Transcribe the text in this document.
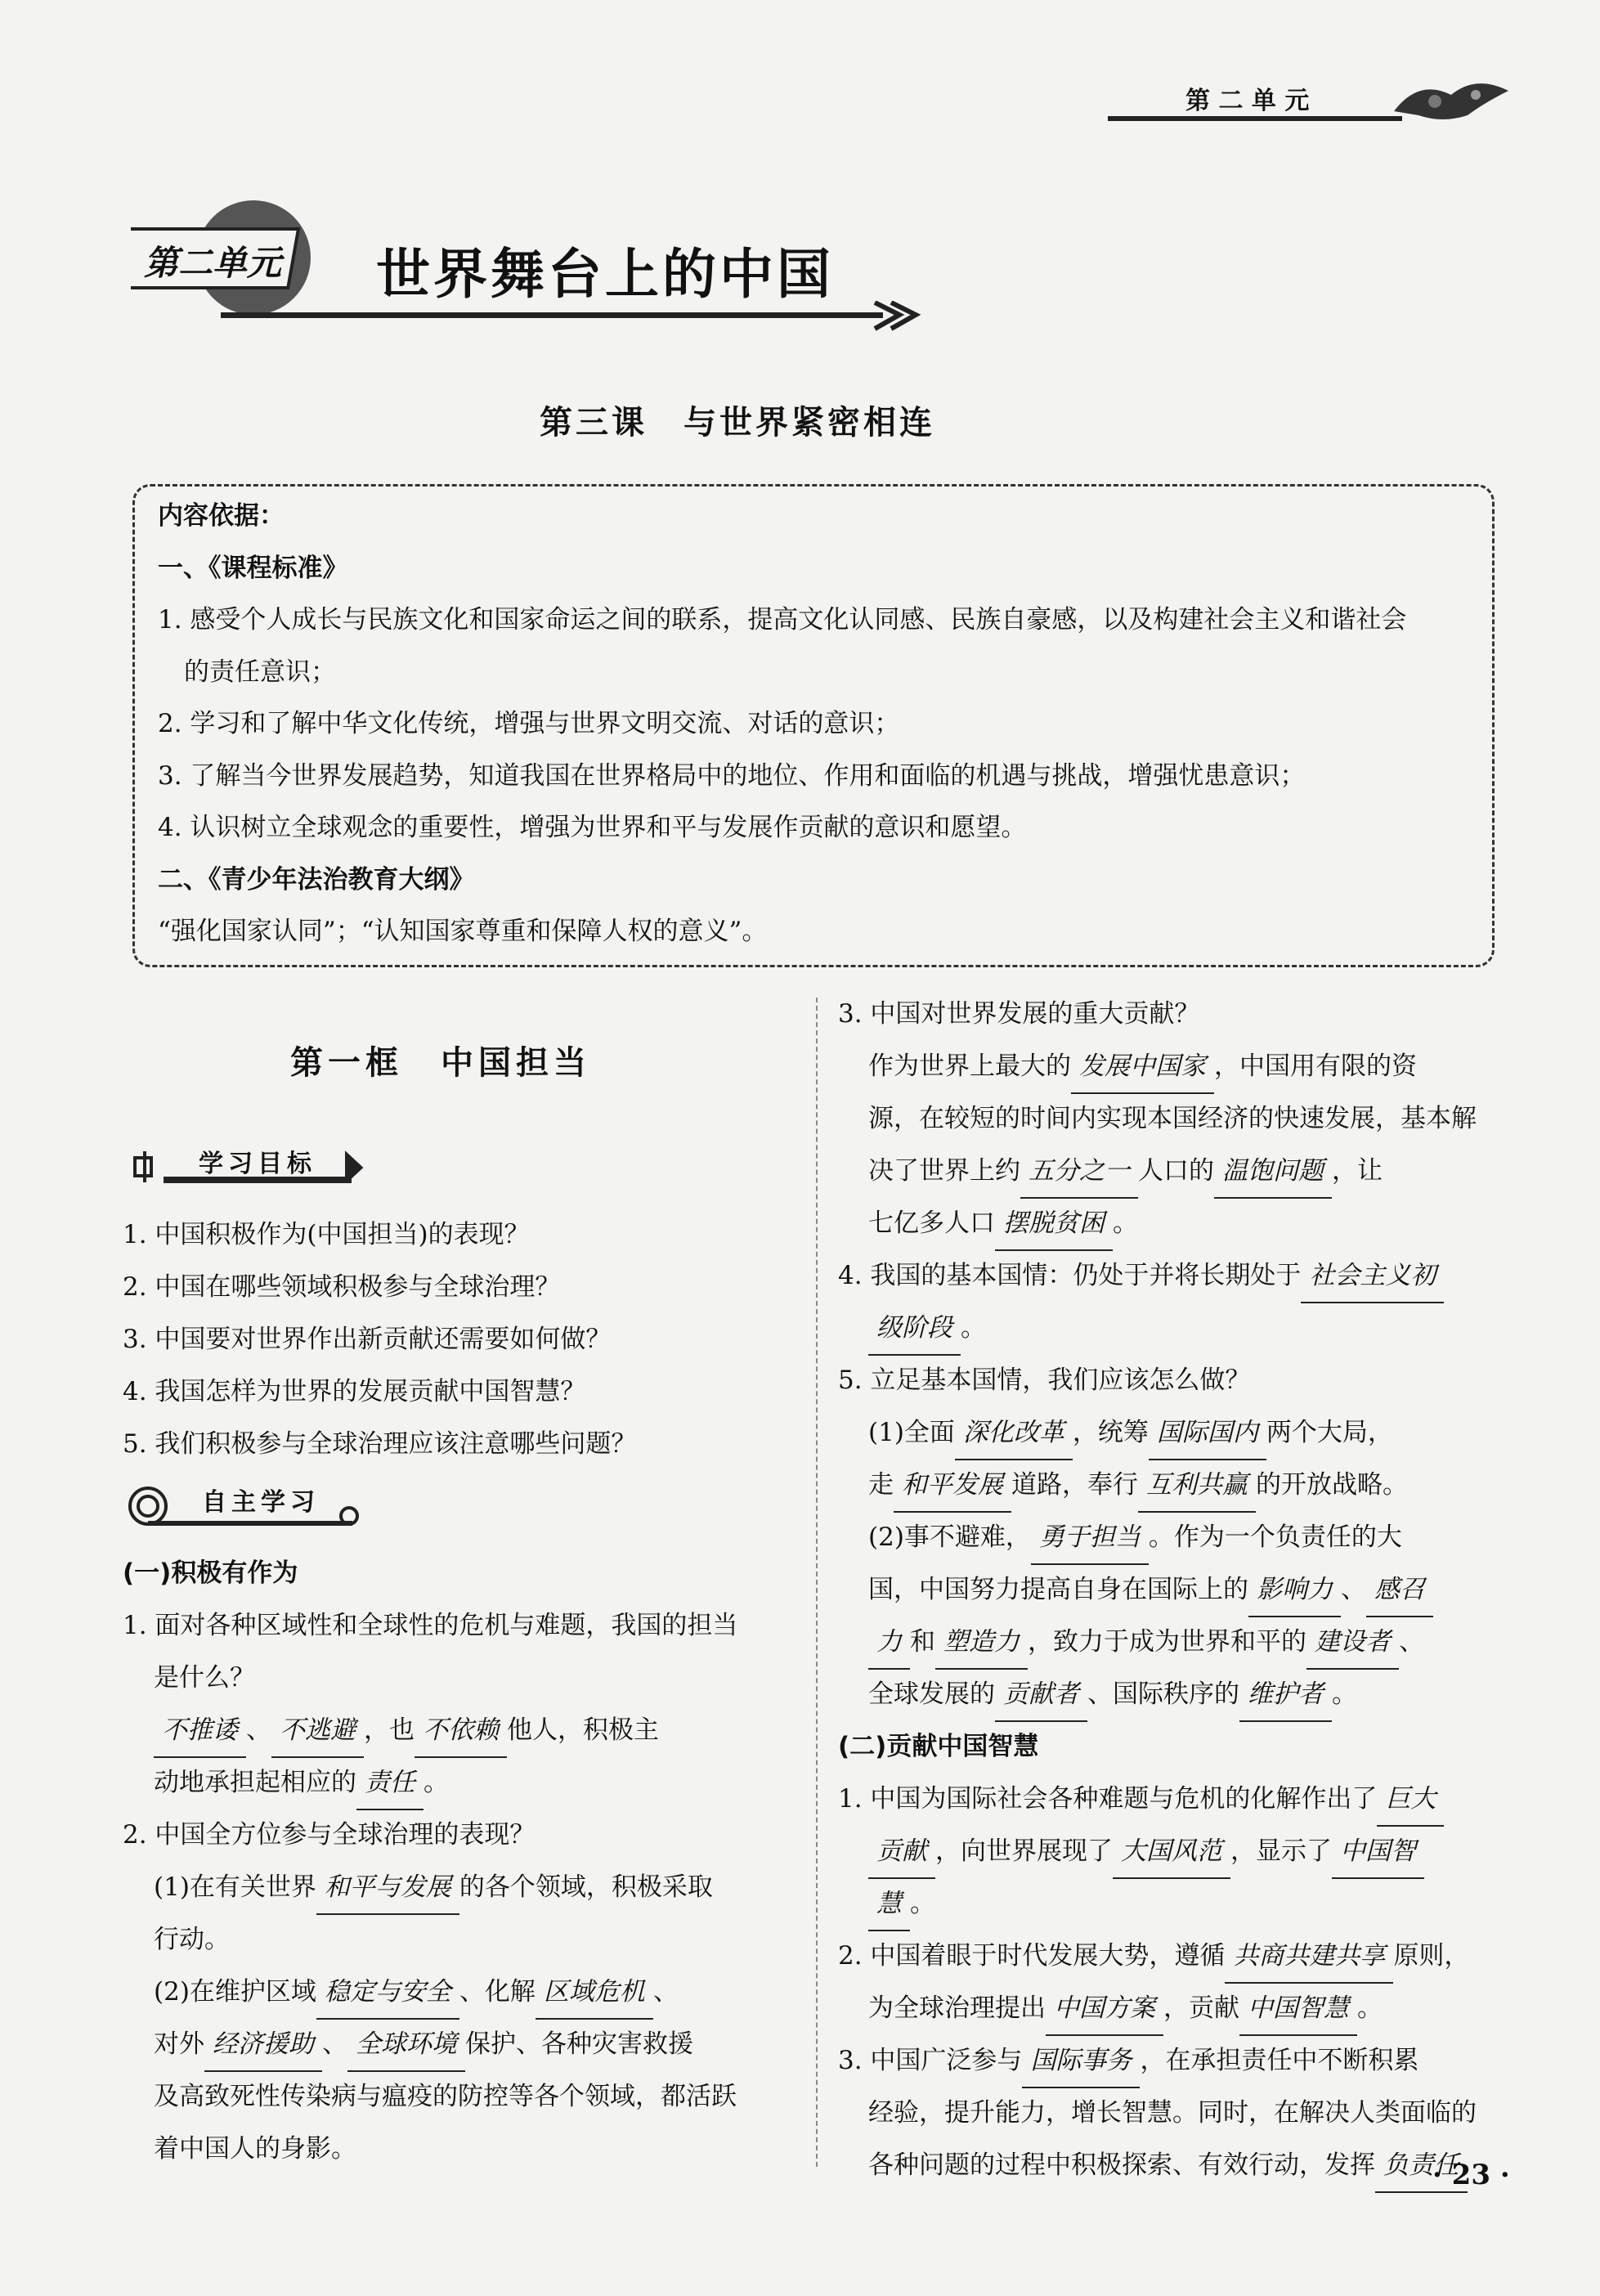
第 二 单 元
第二单元 世界舞台上的中国
第三课　与世界紧密相连
内容依据：
一、《课程标准》
1. 感受个人成长与民族文化和国家命运之间的联系，提高文化认同感、民族自豪感，以及构建社会主义和谐社会
的责任意识；
2. 学习和了解中华文化传统，增强与世界文明交流、对话的意识；
3. 了解当今世界发展趋势，知道我国在世界格局中的地位、作用和面临的机遇与挑战，增强忧患意识；
4. 认识树立全球观念的重要性，增强为世界和平与发展作贡献的意识和愿望。
二、《青少年法治教育大纲》
“强化国家认同”；“认知国家尊重和保障人权的意义”。
第一框　中国担当
学习目标
1. 中国积极作为(中国担当)的表现？
2. 中国在哪些领域积极参与全球治理？
3. 中国要对世界作出新贡献还需要如何做？
4. 我国怎样为世界的发展贡献中国智慧？
5. 我们积极参与全球治理应该注意哪些问题？
自主学习
(一)积极有作为
1. 面对各种区域性和全球性的危机与难题，我国的担当
是什么？
不推诿 、 不逃避 ，也 不依赖 他人，积极主
动地承担起相应的 责任 。
2. 中国全方位参与全球治理的表现？
(1)在有关世界 和平与发展 的各个领域，积极采取
行动。
(2)在维护区域 稳定与安全 、化解 区域危机 、
对外 经济援助 、 全球环境 保护、各种灾害救援
及高致死性传染病与瘟疫的防控等各个领域，都活跃
着中国人的身影。
3. 中国对世界发展的重大贡献？
作为世界上最大的 发展中国家 ，中国用有限的资
源，在较短的时间内实现本国经济的快速发展，基本解
决了世界上约 五分之一 人口的 温饱问题 ，让
七亿多人口 摆脱贫困 。
4. 我国的基本国情：仍处于并将长期处于 社会主义初
级阶段 。
5. 立足基本国情，我们应该怎么做？
(1)全面 深化改革 ，统筹 国际国内 两个大局，
走 和平发展 道路，奉行 互利共赢 的开放战略。
(2)事不避难， 勇于担当 。作为一个负责任的大
国，中国努力提高自身在国际上的 影响力 、 感召
力 和 塑造力 ，致力于成为世界和平的 建设者 、
全球发展的 贡献者 、国际秩序的 维护者 。
(二)贡献中国智慧
1. 中国为国际社会各种难题与危机的化解作出了 巨大
贡献 ，向世界展现了 大国风范 ，显示了 中国智
慧 。
2. 中国着眼于时代发展大势，遵循 共商共建共享 原则，
为全球治理提出 中国方案 ，贡献 中国智慧 。
3. 中国广泛参与 国际事务 ，在承担责任中不断积累
经验，提升能力，增长智慧。同时，在解决人类面临的
各种问题的过程中积极探索、有效行动，发挥 负责任
· 23 ·
